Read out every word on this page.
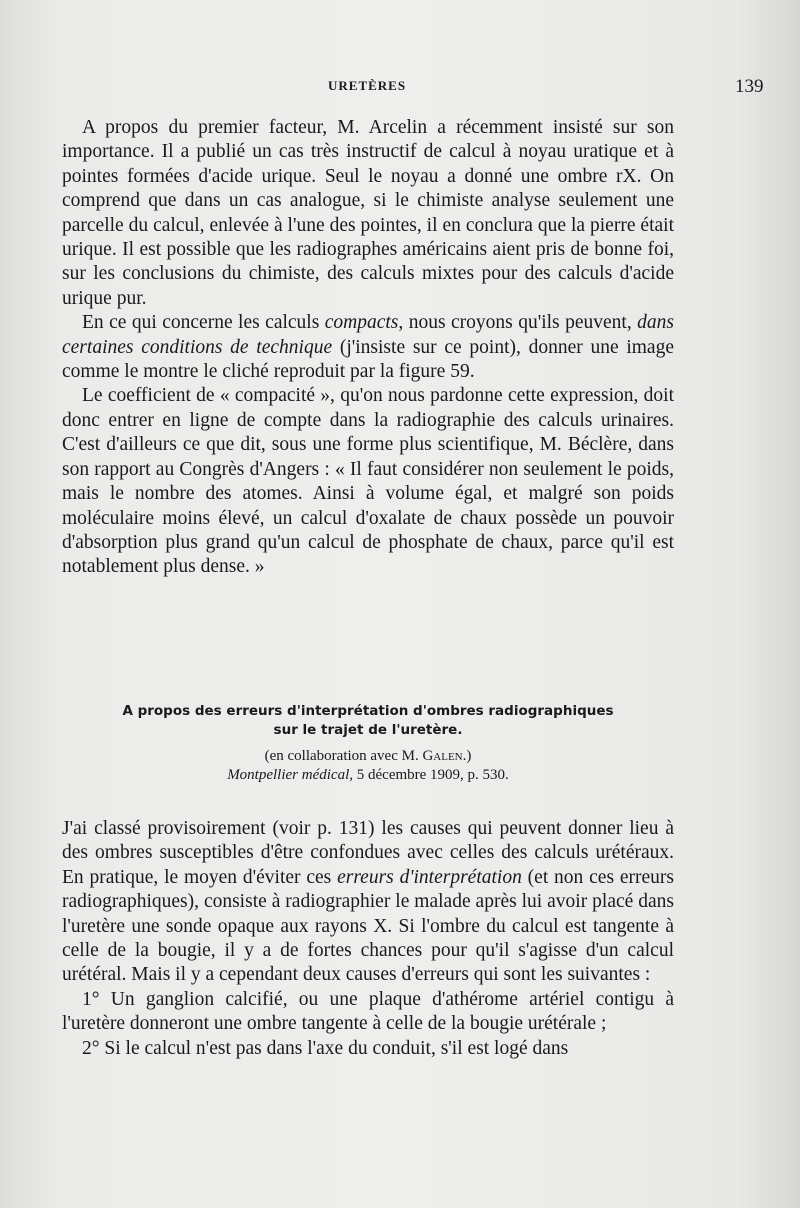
URETÈRES	139

A propos du premier facteur, M. Arcelin a récemment insisté sur son importance. Il a publié un cas très instructif de calcul à noyau uratique et à pointes formées d'acide urique. Seul le noyau a donné une ombre rX. On comprend que dans un cas analogue, si le chimiste analyse seulement une parcelle du calcul, enlevée à l'une des pointes, il en conclura que la pierre était urique. Il est possible que les radiographes américains aient pris de bonne foi, sur les conclusions du chimiste, des calculs mixtes pour des calculs d'acide urique pur.

En ce qui concerne les calculs compacts, nous croyons qu'ils peuvent, dans certaines conditions de technique (j'insiste sur ce point), donner une image comme le montre le cliché reproduit par la figure 59.

Le coefficient de « compacité », qu'on nous pardonne cette expression, doit donc entrer en ligne de compte dans la radiographie des calculs urinaires. C'est d'ailleurs ce que dit, sous une forme plus scientifique, M. Béclère, dans son rapport au Congrès d'Angers : « Il faut considérer non seulement le poids, mais le nombre des atomes. Ainsi à volume égal, et malgré son poids moléculaire moins élevé, un calcul d'oxalate de chaux possède un pouvoir d'absorption plus grand qu'un calcul de phosphate de chaux, parce qu'il est notablement plus dense. »

A propos des erreurs d'interprétation d'ombres radiographiques

sur le trajet de l'uretère.

(en collaboration avec M. Galen.)

Montpellier médical, 5 décembre 1909, p. 530.

J'ai classé provisoirement (voir p. 131) les causes qui peuvent donner lieu à des ombres susceptibles d'être confondues avec celles des calculs urétéraux. En pratique, le moyen d'éviter ces erreurs d'interprétation (et non ces erreurs radiographiques), consiste à radiographier le malade après lui avoir placé dans l'uretère une sonde opaque aux rayons X. Si l'ombre du calcul est tangente à celle de la bougie, il y a de fortes chances pour qu'il s'agisse d'un calcul urétéral. Mais il y a cependant deux causes d'erreurs qui sont les suivantes :

1° Un ganglion calcifié, ou une plaque d'athérome artériel contigu à l'uretère donneront une ombre tangente à celle de la bougie urétérale ;

2° Si le calcul n'est pas dans l'axe du conduit, s'il est logé dans
